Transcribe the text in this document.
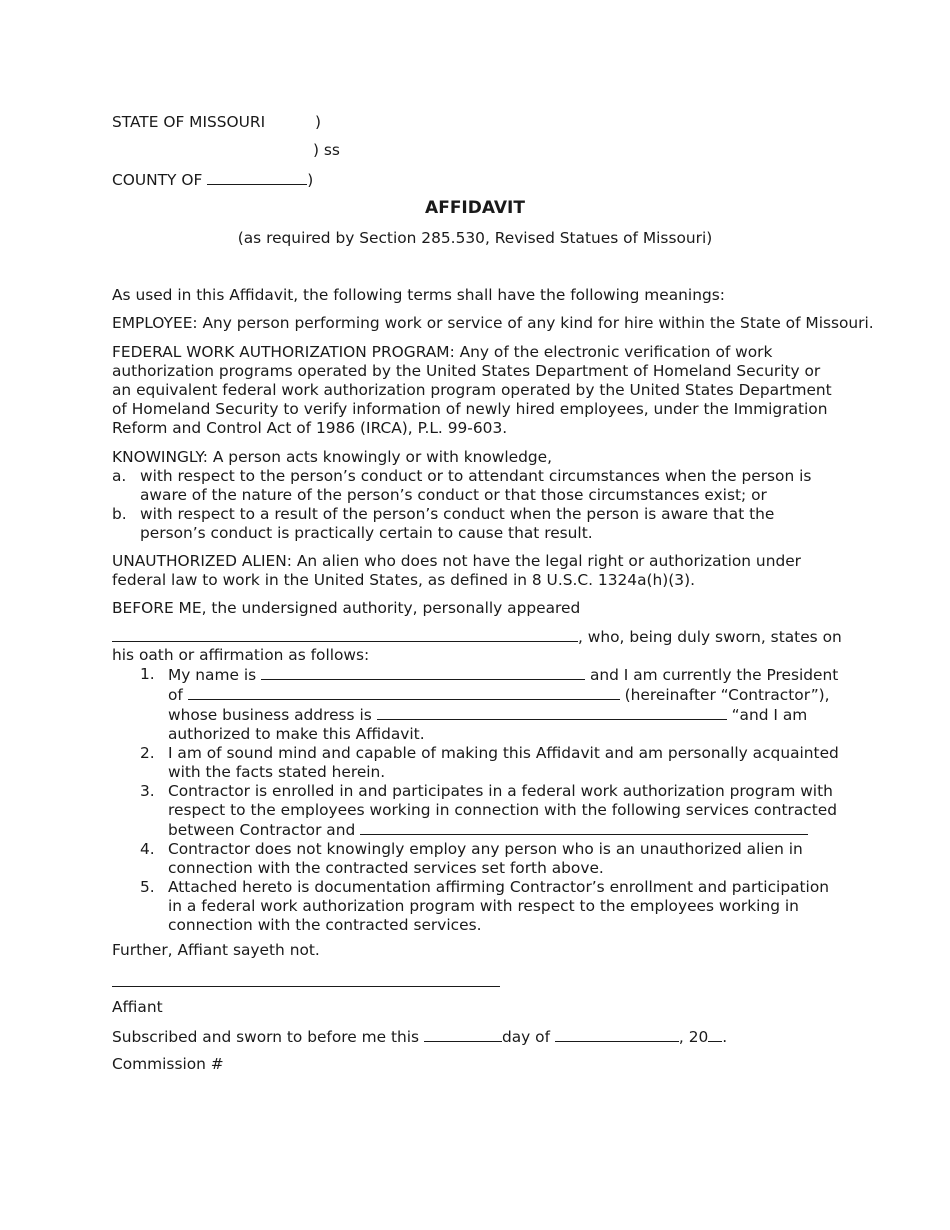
STATE OF MISSOURI	)
) ss
COUNTY OF	)
AFFIDAVIT
(as required by Section 285.530, Revised Statues of Missouri)
As used in this Affidavit, the following terms shall have the following meanings:
EMPLOYEE: Any person performing work or service of any kind for hire within the State of Missouri.
FEDERAL WORK AUTHORIZATION PROGRAM: Any of the electronic verification of work authorization programs operated by the United States Department of Homeland Security or an equivalent federal work authorization program operated by the United States Department of Homeland Security to verify information of newly hired employees, under the Immigration Reform and Control Act of 1986 (IRCA), P.L. 99-603.
KNOWINGLY: A person acts knowingly or with knowledge,
a. with respect to the person’s conduct or to attendant circumstances when the person is aware of the nature of the person’s conduct or that those circumstances exist; or
b. with respect to a result of the person’s conduct when the person is aware that the person’s conduct is practically certain to cause that result.
UNAUTHORIZED ALIEN: An alien who does not have the legal right or authorization under federal law to work in the United States, as defined in 8 U.S.C. 1324a(h)(3).
BEFORE ME, the undersigned authority, personally appeared
, who, being duly sworn, states on
his oath or affirmation as follows:
1. My name is	and I am currently the President
of	(hereinafter “Contractor”),
whose business address is	“and I am
authorized to make this Affidavit.
2. I am of sound mind and capable of making this Affidavit and am personally acquainted with the facts stated herein.
3. Contractor is enrolled in and participates in a federal work authorization program with respect to the employees working in connection with the following services contracted
between Contractor and
4. Contractor does not knowingly employ any person who is an unauthorized alien in connection with the contracted services set forth above.
5. Attached hereto is documentation affirming Contractor’s enrollment and participation in a federal work authorization program with respect to the employees working in connection with the contracted services.
Further, Affiant sayeth not.
Affiant
Subscribed and sworn to before me this	day of	, 20 .
Commission #
